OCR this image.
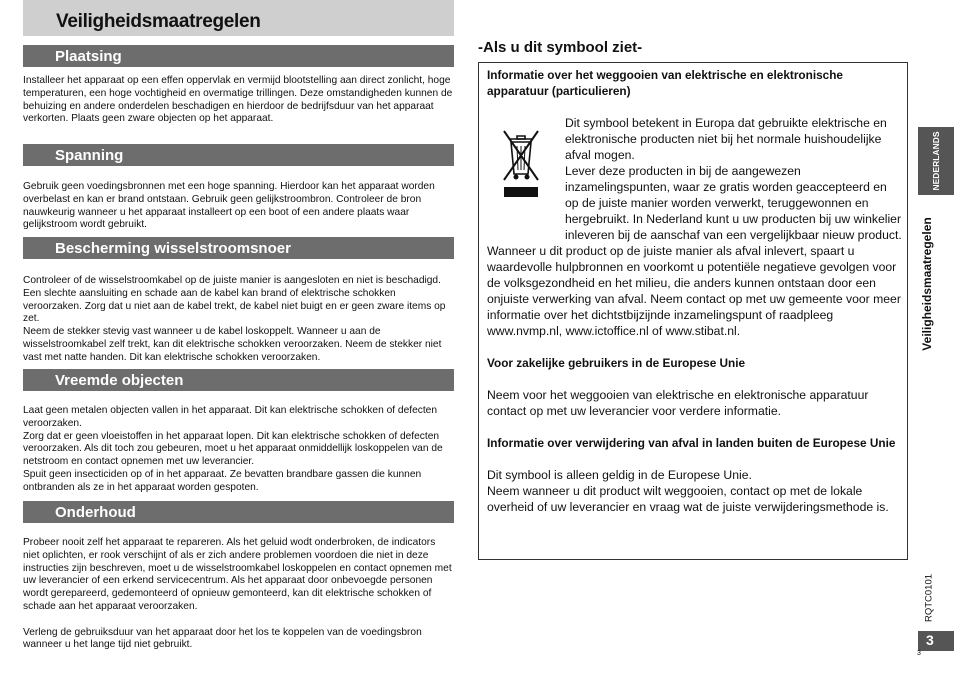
Veiligheidsmaatregelen
Plaatsing

Installeer het apparaat op een effen oppervlak en vermijd blootstelling aan direct zonlicht, hoge temperaturen, een hoge vochtigheid en overmatige trillingen. Deze omstandigheden kunnen de behuizing en andere onderdelen beschadigen en hierdoor de bedrijfsduur van het apparaat verkorten. Plaats geen zware objecten op het apparaat.

Spanning

Gebruik geen voedingsbronnen met een hoge spanning. Hierdoor kan het apparaat worden overbelast en kan er brand ontstaan. Gebruik geen gelijkstroombron. Controleer de bron nauwkeurig wanneer u het apparaat installeert op een boot of een andere plaats waar gelijkstroom wordt gebruikt.

Bescherming wisselstroomsnoer

Controleer of de wisselstroomkabel op de juiste manier is aangesloten en niet is beschadigd. Een slechte aansluiting en schade aan de kabel kan brand of elektrische schokken veroorzaken. Zorg dat u niet aan de kabel trekt, de kabel niet buigt en er geen zware items op zet.

Neem de stekker stevig vast wanneer u de kabel loskoppelt. Wanneer u aan de wisselstroomkabel zelf trekt, kan dit elektrische schokken veroorzaken. Neem de stekker niet vast met natte handen. Dit kan elektrische schokken veroorzaken.

Vreemde objecten

Laat geen metalen objecten vallen in het apparaat. Dit kan elektrische schokken of defecten veroorzaken.

Zorg dat er geen vloeistoffen in het apparaat lopen. Dit kan elektrische schokken of defecten veroorzaken. Als dit toch zou gebeuren, moet u het apparaat onmiddellijk loskoppelen van de netstroom en contact opnemen met uw leverancier.

Spuit geen insecticiden op of in het apparaat. Ze bevatten brandbare gassen die kunnen ontbranden als ze in het apparaat worden gespoten.

Onderhoud

Probeer nooit zelf het apparaat te repareren. Als het geluid wodt onderbroken, de indicators niet oplichten, er rook verschijnt of als er zich andere problemen voordoen die niet in deze instructies zijn beschreven, moet u de wisselstroomkabel loskoppelen en contact opnemen met uw leverancier of een erkend servicecentrum. Als het apparaat door onbevoegde personen wordt gerepareerd, gedemonteerd of opnieuw gemonteerd, kan dit elektrische schokken of schade aan het apparaat veroorzaken.

Verleng de gebruiksduur van het apparaat door het los te koppelen van de voedingsbron wanneer u het lange tijd niet gebruikt.

-Als u dit symbool ziet-

Informatie over het weggooien van elektrische en elektronische apparatuur (particulieren)

Dit symbool betekent in Europa dat gebruikte elektrische en elektronische producten niet bij het normale huishoudelijke afval mogen.

Lever deze producten in bij de aangewezen inzamelingspunten, waar ze gratis worden geaccepteerd en op de juiste manier worden verwerkt, teruggewonnen en hergebruikt. In Nederland kunt u uw producten bij uw winkelier inleveren bij de aanschaf van een vergelijkbaar nieuw product.

Wanneer u dit product op de juiste manier als afval inlevert, spaart u waardevolle hulpbronnen en voorkomt u potentiële negatieve gevolgen voor de volksgezondheid en het milieu, die anders kunnen ontstaan door een onjuiste verwerking van afval. Neem contact op met uw gemeente voor meer informatie over het dichtstbijzijnde inzamelingspunt of raadpleeg www.nvmp.nl, www.ictoffice.nl of www.stibat.nl.

Voor zakelijke gebruikers in de Europese Unie

Neem voor het weggooien van elektrische en elektronische apparatuur contact op met uw leverancier voor verdere informatie.

Informatie over verwijdering van afval in landen buiten de Europese Unie

Dit symbool is alleen geldig in de Europese Unie.

Neem wanneer u dit product wilt weggooien, contact op met de lokale overheid of uw leverancier en vraag wat de juiste verwijderingsmethode is.

NEDERLANDS
Veiligheidsmaatregelen
RQTC0101
3
3
